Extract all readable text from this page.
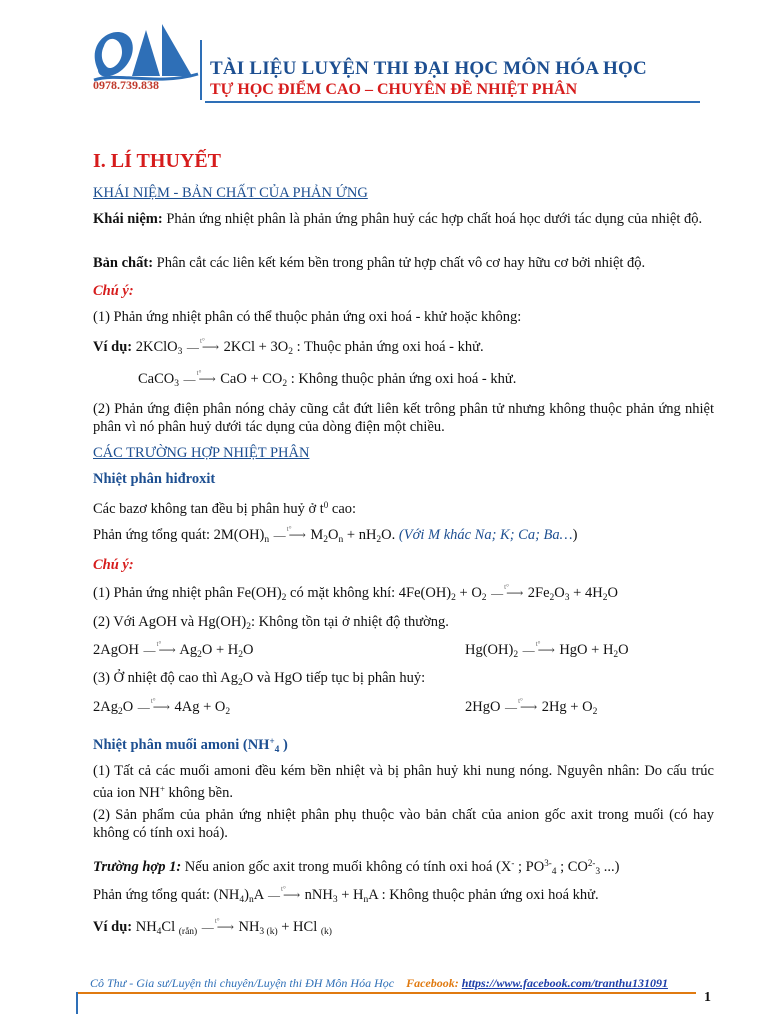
0978.739.838
TÀI LIỆU LUYỆN THI ĐẠI HỌC MÔN HÓA HỌC
TỰ HỌC ĐIỂM CAO – CHUYÊN ĐỀ NHIỆT PHÂN
I. LÍ THUYẾT
KHÁI NIỆM - BẢN CHẤT CỦA PHẢN ỨNG
Khái niệm: Phản ứng nhiệt phân là phản ứng phân huỷ các hợp chất hoá học dưới tác dụng của nhiệt độ.
Bản chất: Phân cắt các liên kết kém bền trong phân tử hợp chất vô cơ hay hữu cơ bởi nhiệt độ.
Chú ý:
(1) Phản ứng nhiệt phân có thể thuộc phản ứng oxi hoá - khử hoặc không:
Ví dụ: 2KClO$_3$ t° — ⟶ $2KCl + 3O_2$ : Thuộc phản ứng oxi hoá - khử.
CaCO$_3$ t° — ⟶ CaO + $CO_2$ : Không thuộc phản ứng oxi hoá - khử.
(2) Phản ứng điện phân nóng chảy cũng cắt đứt liên kết trông phân tử nhưng không thuộc phản ứng nhiệt phân vì nó phân huỷ dưới tác dụng của dòng điện một chiều.
CÁC TRƯỜNG HỢP NHIỆT PHÂN
Nhiệt phân hiđroxit
Các bazơ không tan đều bị phân huỷ ở $t^0$ cao:
Phản ứng tổng quát: $2M(OH)_n$ t° — ⟶ $M_2O_n + nH_2O$. (Với M khác Na; K; Ca; Ba…)
Chú ý:
(1) Phản ứng nhiệt phân $Fe(OH)_2$ có mặt không khí: $4Fe(OH)_2 + O_2$ t° — ⟶ $2Fe_2O_3 + 4H_2O$
(2) Với AgOH và $Hg(OH)_2$: Không tồn tại ở nhiệt độ thường.
2AgOH t° — ⟶ $Ag_2O + H_2O$	$Hg(OH)_2$ t° — ⟶ HgO + $H_2O$
(3) Ở nhiệt độ cao thì $Ag_2O$ và HgO tiếp tục bị phân huỷ:
$2Ag_2O$ t° — ⟶ $4Ag + O_2$	2HgO t° — ⟶ $2Hg + O_2$
Nhiệt phân muối amoni ($NH^+_4$ )
(1) Tất cả các muối amoni đều kém bền nhiệt và bị phân huỷ khi nung nóng. Nguyên nhân: Do cấu trúc của ion NH+ không bền.
(2) Sản phẩm của phản ứng nhiệt phân phụ thuộc vào bản chất của anion gốc axit trong muối (có hay không có tính oxi hoá).
Trường hợp 1: Nếu anion gốc axit trong muối không có tính oxi hoá (X- ; $PO^{3-}_4$ ; $CO^{2-}_3$ ...)
Phản ứng tổng quát: $(NH_4)_nA$ t° — ⟶ $nNH_3 + H_nA$ : Không thuộc phản ứng oxi hoá khử.
Ví dụ: $NH_4Cl$ $_{(rắn)}$ t° — ⟶ $NH_{3 (k)}$ + HCl $_{(k)}$
Cô Thư - Gia sư/Luyện thi chuyên/Luyện thi ĐH Môn Hóa Học Facebook: https://www.facebook.com/tranthu131091
1
